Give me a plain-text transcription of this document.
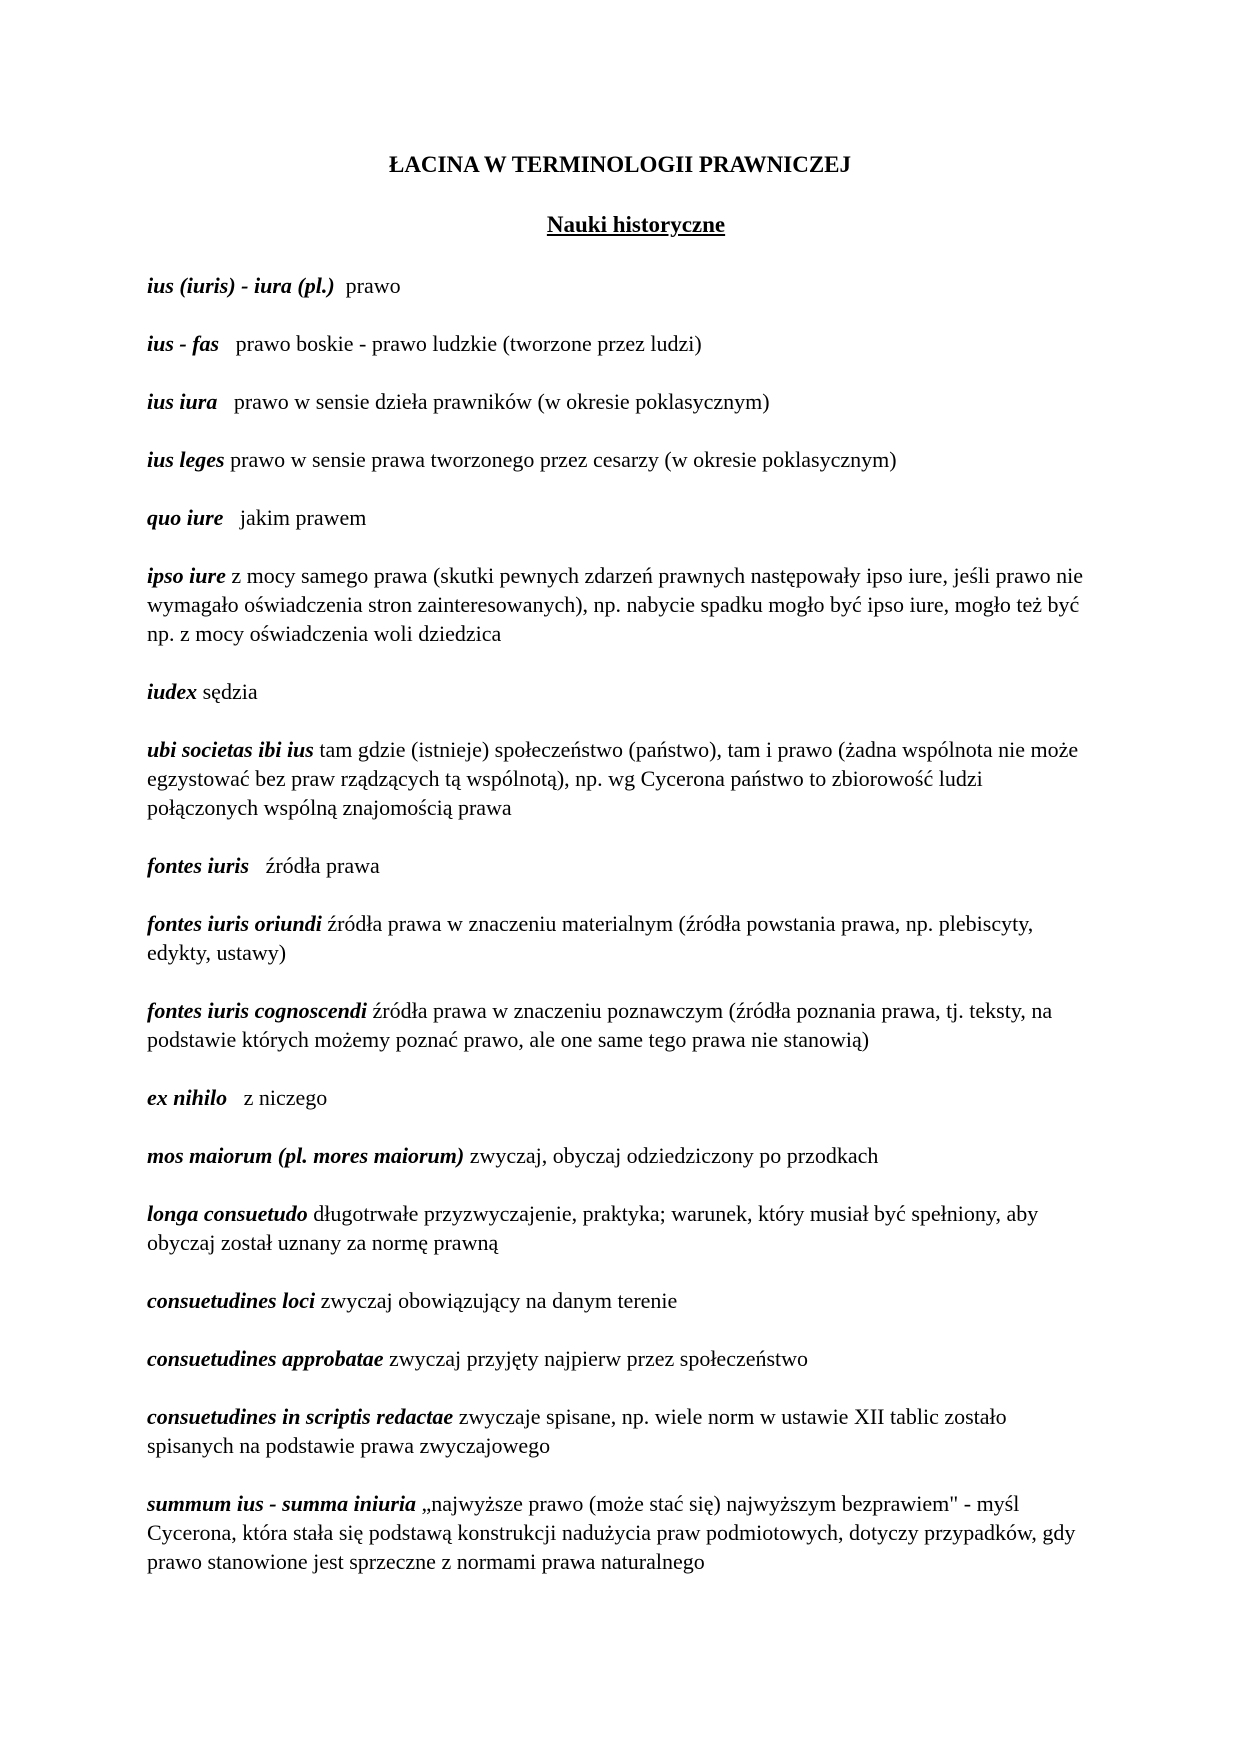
ŁACINA W TERMINOLOGII PRAWNICZEJ
Nauki historyczne

ius (iuris) - iura (pl.)  prawo

ius - fas   prawo boskie - prawo ludzkie (tworzone przez ludzi)

ius iura   prawo w sensie dzieła prawników (w okresie poklasycznym)

ius leges prawo w sensie prawa tworzonego przez cesarzy (w okresie poklasycznym)

quo iure   jakim prawem

ipso iure z mocy samego prawa (skutki pewnych zdarzeń prawnych następowały ipso iure, jeśli prawo nie wymagało oświadczenia stron zainteresowanych), np. nabycie spadku mogło być ipso iure, mogło też być np. z mocy oświadczenia woli dziedzica

iudex sędzia

ubi societas ibi ius tam gdzie (istnieje) społeczeństwo (państwo), tam i prawo (żadna wspólnota nie może egzystować bez praw rządzących tą wspólnotą), np. wg Cycerona państwo to zbiorowość ludzi połączonych wspólną znajomością prawa

fontes iuris   źródła prawa

fontes iuris oriundi źródła prawa w znaczeniu materialnym (źródła powstania prawa, np. plebiscyty, edykty, ustawy)

fontes iuris cognoscendi źródła prawa w znaczeniu poznawczym (źródła poznania prawa, tj. teksty, na podstawie których możemy poznać prawo, ale one same tego prawa nie stanowią)

ex nihilo   z niczego

mos maiorum (pl. mores maiorum) zwyczaj, obyczaj odziedziczony po przodkach

longa consuetudo długotrwałe przyzwyczajenie, praktyka; warunek, który musiał być spełniony, aby obyczaj został uznany za normę prawną

consuetudines loci zwyczaj obowiązujący na danym terenie

consuetudines approbatae zwyczaj przyjęty najpierw przez społeczeństwo

consuetudines in scriptis redactae zwyczaje spisane, np. wiele norm w ustawie XII tablic zostało spisanych na podstawie prawa zwyczajowego

summum ius - summa iniuria „najwyższe prawo (może stać się) najwyższym bezprawiem" - myśl Cycerona, która stała się podstawą konstrukcji nadużycia praw podmiotowych, dotyczy przypadków, gdy prawo stanowione jest sprzeczne z normami prawa naturalnego
